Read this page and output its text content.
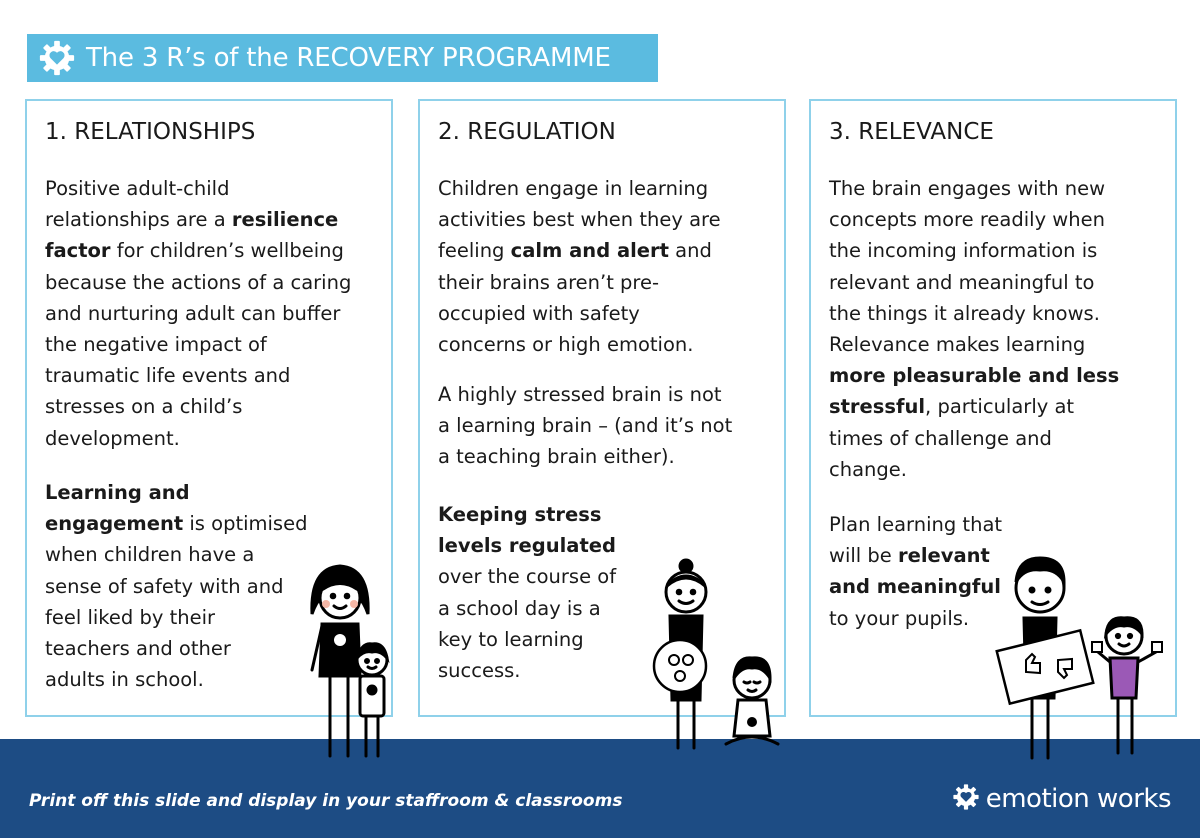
The 3 R’s of the RECOVERY PROGRAMME
1. RELATIONSHIPS

Positive adult-child
relationships are a resilience
factor for children’s wellbeing
because the actions of a caring
and nurturing adult can buffer
the negative impact of
traumatic life events and
stresses on a child’s
development.

Learning and
engagement is optimised
when children have a
sense of safety with and
feel liked by their
teachers and other
adults in school.

2. REGULATION

Children engage in learning
activities best when they are
feeling calm and alert and
their brains aren’t pre-
occupied with safety
concerns or high emotion.

A highly stressed brain is not
a learning brain – (and it’s not
a teaching brain either).

Keeping stress
levels regulated
over the course of
a school day is a
key to learning
success.

3. RELEVANCE

The brain engages with new
concepts more readily when
the incoming information is
relevant and meaningful to
the things it already knows.
Relevance makes learning
more pleasurable and less
stressful, particularly at
times of challenge and
change.

Plan learning that
will be relevant
and meaningful
to your pupils.

Print off this slide and display in your staffroom & classrooms	emotion works
